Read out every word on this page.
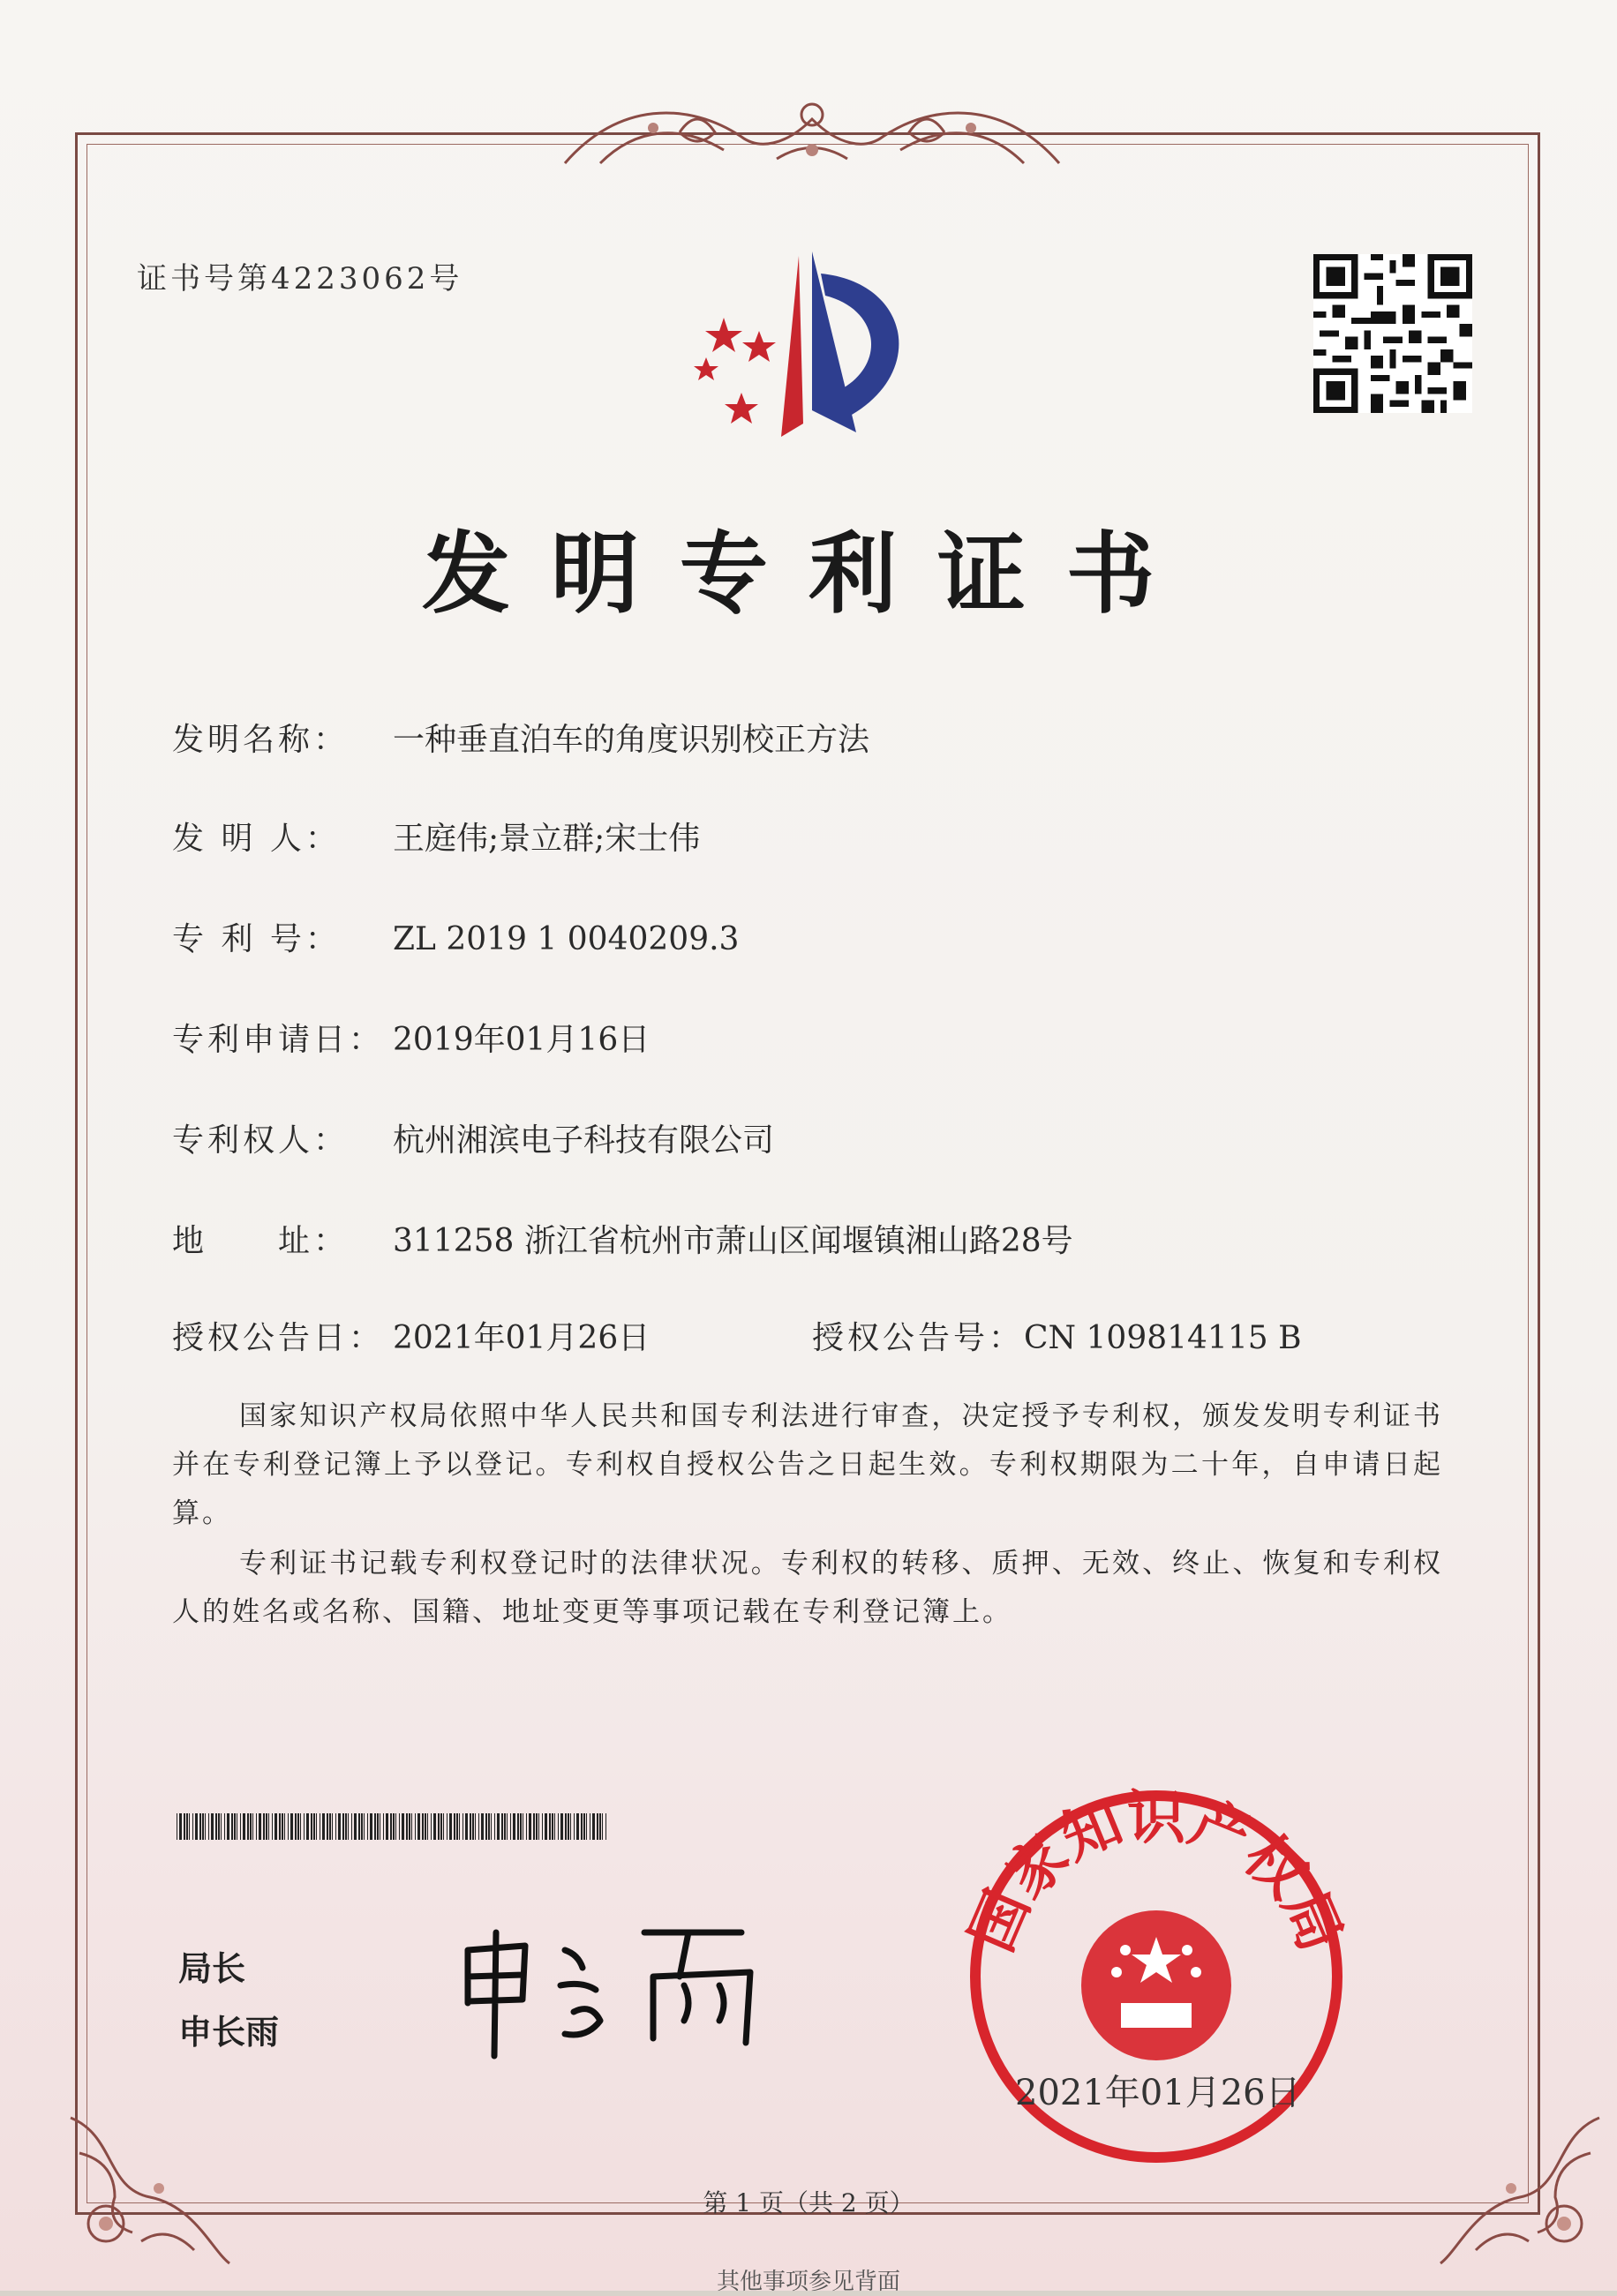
证书号第4223062号
发明专利证书
发明名称： 一种垂直泊车的角度识别校正方法
发 明 人： 王庭伟;景立群;宋士伟
专 利 号： ZL 2019 1 0040209.3
专利申请日： 2019年01月16日
专利权人： 杭州湘滨电子科技有限公司
地　　址： 311258 浙江省杭州市萧山区闻堰镇湘山路28号
授权公告日： 2021年01月26日	授权公告号：CN 109814115 B
国家知识产权局依照中华人民共和国专利法进行审查，决定授予专利权，颁发发明专利证书并在专利登记簿上予以登记。专利权自授权公告之日起生效。专利权期限为二十年，自申请日起算。
专利证书记载专利权登记时的法律状况。专利权的转移、质押、无效、终止、恢复和专利权人的姓名或名称、国籍、地址变更等事项记载在专利登记簿上。
局长
申长雨
国家知识产权局
2021年01月26日
第 1 页（共 2 页）
其他事项参见背面
